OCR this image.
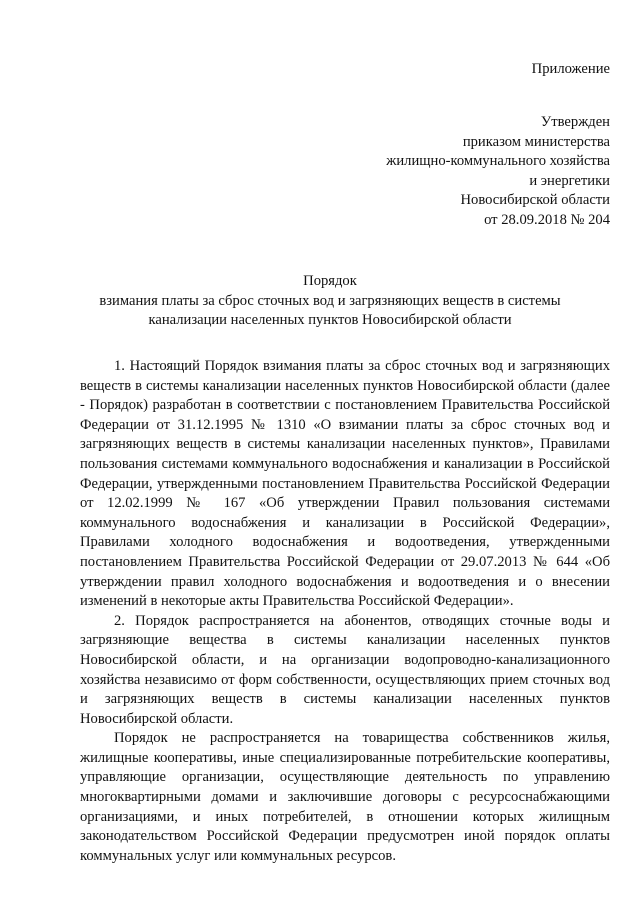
Приложение
Утвержден
приказом министерства
жилищно-коммунального хозяйства
и энергетики
Новосибирской области
от 28.09.2018 № 204
Порядок
взимания платы за сброс сточных вод и загрязняющих веществ в системы
канализации населенных пунктов Новосибирской области

1. Настоящий Порядок взимания платы за сброс сточных вод и загрязняющих веществ в системы канализации населенных пунктов Новосибирской области (далее - Порядок) разработан в соответствии с постановлением Правительства Российской Федерации от 31.12.1995 № 1310 «О взимании платы за сброс сточных вод и загрязняющих веществ в системы канализации населенных пунктов», Правилами пользования системами коммунального водоснабжения и канализации в Российской Федерации, утвержденными постановлением Правительства Российской Федерации от 12.02.1999 № 167 «Об утверждении Правил пользования системами коммунального водоснабжения и канализации в Российской Федерации», Правилами холодного водоснабжения и водоотведения, утвержденными постановлением Правительства Российской Федерации от 29.07.2013 № 644 «Об утверждении правил холодного водоснабжения и водоотведения и о внесении изменений в некоторые акты Правительства Российской Федерации».

2. Порядок распространяется на абонентов, отводящих сточные воды и загрязняющие вещества в системы канализации населенных пунктов Новосибирской области, и на организации водопроводно-канализационного хозяйства независимо от форм собственности, осуществляющих прием сточных вод и загрязняющих веществ в системы канализации населенных пунктов Новосибирской области.

Порядок не распространяется на товарищества собственников жилья, жилищные кооперативы, иные специализированные потребительские кооперативы, управляющие организации, осуществляющие деятельность по управлению многоквартирными домами и заключившие договоры с ресурсоснабжающими организациями, и иных потребителей, в отношении которых жилищным законодательством Российской Федерации предусмотрен иной порядок оплаты коммунальных услуг или коммунальных ресурсов.
